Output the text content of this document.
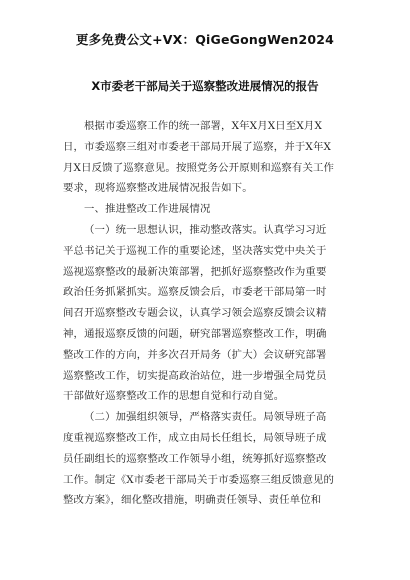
更多免费公文+VX：QiGeGongWen2024
X市委老干部局关于巡察整改进展情况的报告
根据市委巡察工作的统一部署，X年X月X日至X月X
日，市委巡察三组对市委老干部局开展了巡察，并于X年X
月X日反馈了巡察意见。按照党务公开原则和巡察有关工作
要求，现将巡察整改进展情况报告如下。
一、推进整改工作进展情况
（一）统一思想认识，推动整改落实。认真学习习近
平总书记关于巡视工作的重要论述，坚决落实党中央关于
巡视巡察整改的最新决策部署，把抓好巡察整改作为重要
政治任务抓紧抓实。巡察反馈会后，市委老干部局第一时
间召开巡察整改专题会议，认真学习领会巡察反馈会议精
神，通报巡察反馈的问题，研究部署巡察整改工作，明确
整改工作的方向，并多次召开局务（扩大）会议研究部署
巡察整改工作，切实提高政治站位，进一步增强全局党员
干部做好巡察整改工作的思想自觉和行动自觉。
（二）加强组织领导，严格落实责任。局领导班子高
度重视巡察整改工作，成立由局长任组长，局领导班子成
员任副组长的巡察整改工作领导小组，统筹抓好巡察整改
工作。制定《X市委老干部局关于市委巡察三组反馈意见的
整改方案》，细化整改措施，明确责任领导、责任单位和
